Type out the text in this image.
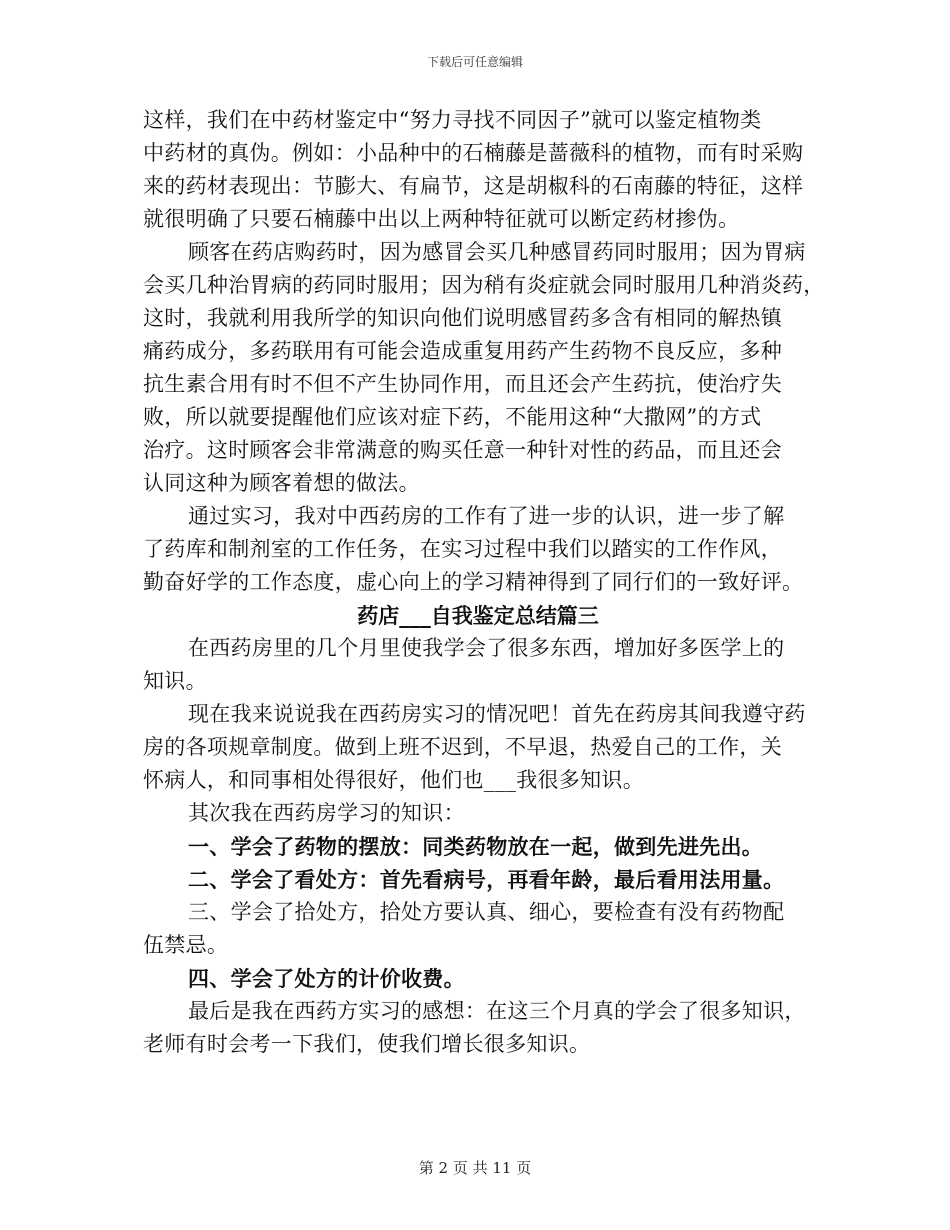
下载后可任意编辑
这样，我们在中药材鉴定中“努力寻找不同因子”就可以鉴定植物类
中药材的真伪。例如：小品种中的石楠藤是蔷薇科的植物，而有时采购
来的药材表现出：节膨大、有扁节，这是胡椒科的石南藤的特征，这样
就很明确了只要石楠藤中出以上两种特征就可以断定药材掺伪。
顾客在药店购药时，因为感冒会买几种感冒药同时服用；因为胃病
会买几种治胃病的药同时服用；因为稍有炎症就会同时服用几种消炎药，
这时，我就利用我所学的知识向他们说明感冒药多含有相同的解热镇
痛药成分，多药联用有可能会造成重复用药产生药物不良反应，多种
抗生素合用有时不但不产生协同作用，而且还会产生药抗，使治疗失
败，所以就要提醒他们应该对症下药，不能用这种“大撒网”的方式
治疗。这时顾客会非常满意的购买任意一种针对性的药品，而且还会
认同这种为顾客着想的做法。
通过实习，我对中西药房的工作有了进一步的认识，进一步了解
了药库和制剂室的工作任务，在实习过程中我们以踏实的工作作风，
勤奋好学的工作态度，虚心向上的学习精神得到了同行们的一致好评。
药店___自我鉴定总结篇三
在西药房里的几个月里使我学会了很多东西，增加好多医学上的
知识。
现在我来说说我在西药房实习的情况吧！首先在药房其间我遵守药
房的各项规章制度。做到上班不迟到，不早退，热爱自己的工作，关
怀病人，和同事相处得很好，他们也___我很多知识。
其次我在西药房学习的知识：
一、学会了药物的摆放：同类药物放在一起，做到先进先出。
二、学会了看处方：首先看病号，再看年龄，最后看用法用量。
三、学会了拾处方，拾处方要认真、细心，要检查有没有药物配
伍禁忌。
四、学会了处方的计价收费。
最后是我在西药方实习的感想：在这三个月真的学会了很多知识，
老师有时会考一下我们，使我们增长很多知识。
第 2 页 共 11 页
